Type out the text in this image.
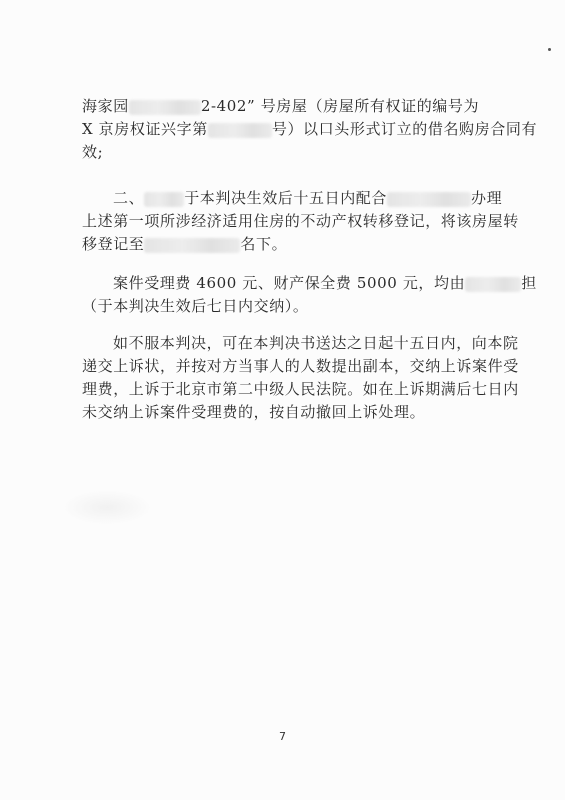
海家园	2-402” 号房屋（房屋所有权证的编号为
X 京房权证兴字第	号）以口头形式订立的借名购房合同有
效;

二、	于本判决生效后十五日内配合	办理
上述第一项所涉经济适用住房的不动产权转移登记，将该房屋转
移登记至	名下。

案件受理费 4600 元、财产保全费 5000 元，均由	担
（于本判决生效后七日内交纳）。

如不服本判决，可在本判决书送达之日起十五日内，向本院
递交上诉状，并按对方当事人的人数提出副本，交纳上诉案件受
理费，上诉于北京市第二中级人民法院。如在上诉期满后七日内
未交纳上诉案件受理费的，按自动撤回上诉处理。

7
